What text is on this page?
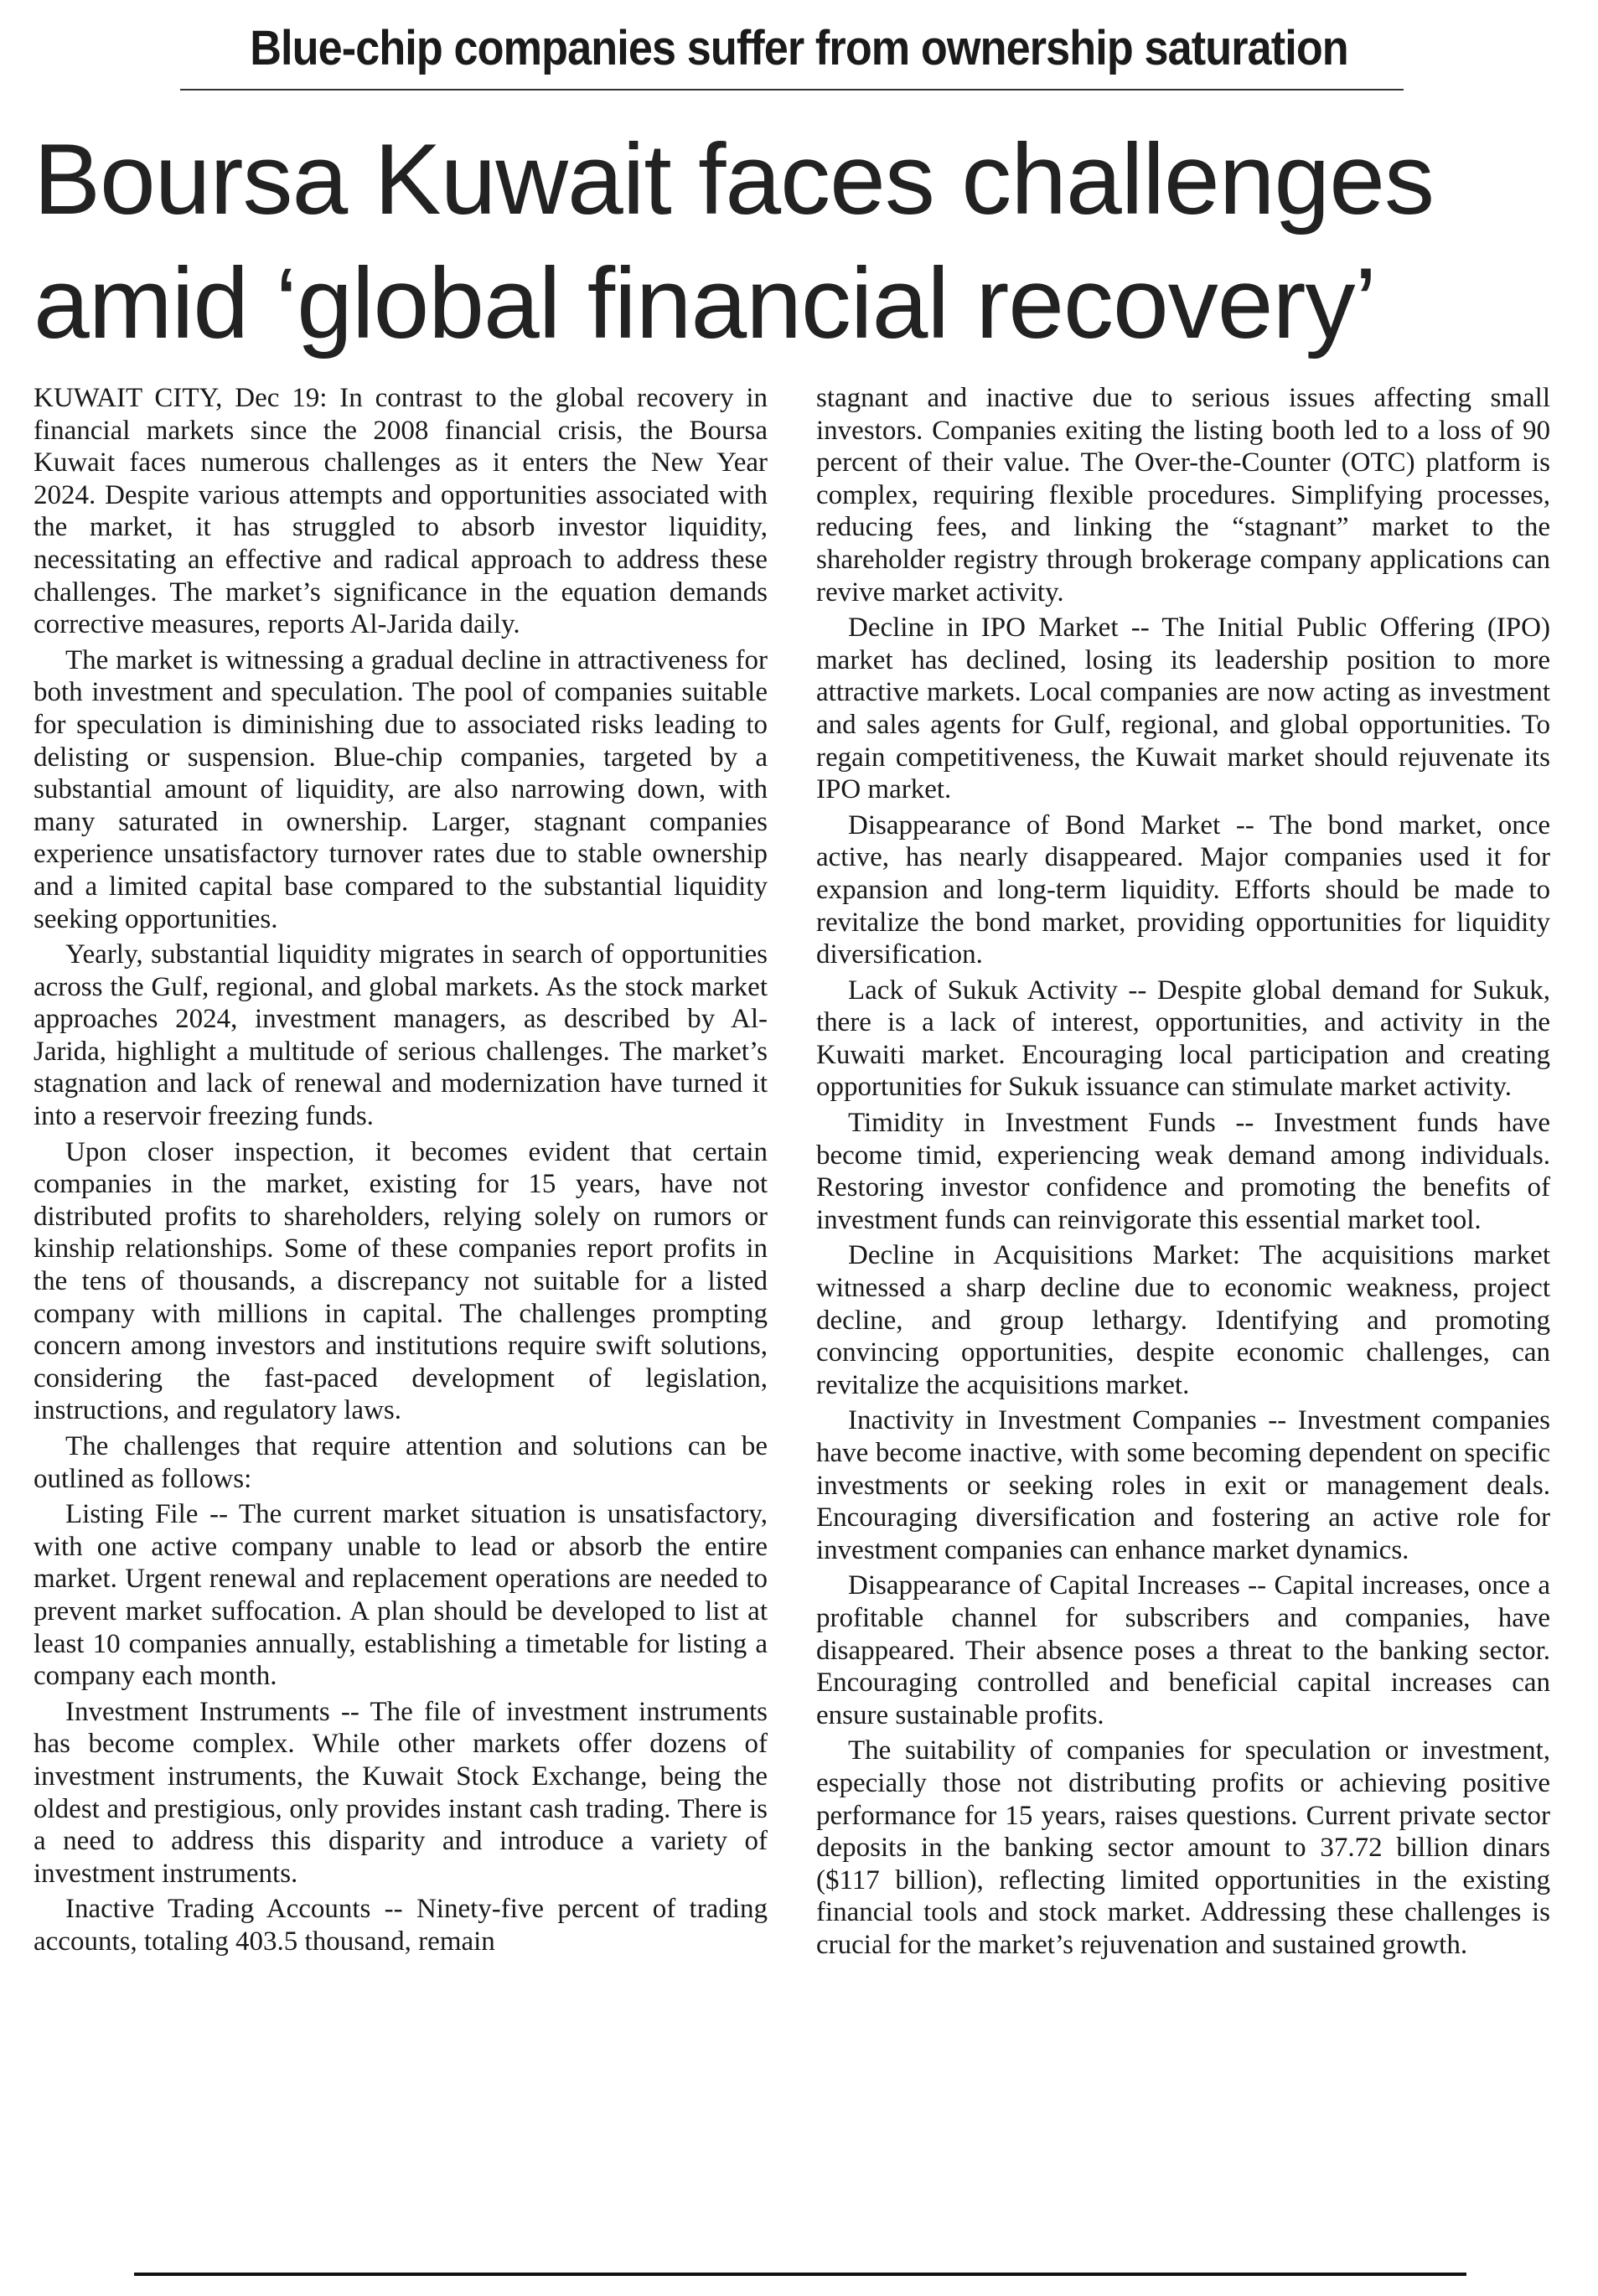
Blue-chip companies suffer from ownership saturation
Boursa Kuwait faces challenges
amid ‘global financial recovery’

KUWAIT CITY, Dec 19: In contrast to the global recovery in financial markets since the 2008 financial crisis, the Boursa Kuwait faces numerous challenges as it enters the New Year 2024. Despite various attempts and opportunities associated with the market, it has struggled to absorb investor liquidity, necessitating an effective and radical approach to address these challenges. The market’s significance in the equation demands corrective measures, reports Al-Jarida daily.

The market is witnessing a gradual decline in attractiveness for both investment and speculation. The pool of companies suitable for speculation is diminishing due to associated risks leading to delisting or suspension. Blue-chip companies, targeted by a substantial amount of liquidity, are also narrowing down, with many saturated in ownership. Larger, stagnant companies experience unsatisfactory turnover rates due to stable ownership and a limited capital base compared to the substantial liquidity seeking opportunities.

Yearly, substantial liquidity migrates in search of opportunities across the Gulf, regional, and global markets. As the stock market approaches 2024, investment managers, as described by Al-Jarida, highlight a multitude of serious challenges. The market’s stagnation and lack of renewal and modernization have turned it into a reservoir freezing funds.

Upon closer inspection, it becomes evident that certain companies in the market, existing for 15 years, have not distributed profits to shareholders, relying solely on rumors or kinship relationships. Some of these companies report profits in the tens of thousands, a discrepancy not suitable for a listed company with millions in capital. The challenges prompting concern among investors and institutions require swift solutions, considering the fast-paced development of legislation, instructions, and regulatory laws.

The challenges that require attention and solutions can be outlined as follows:

Listing File -- The current market situation is unsatisfactory, with one active company unable to lead or absorb the entire market. Urgent renewal and replacement operations are needed to prevent market suffocation. A plan should be developed to list at least 10 companies annually, establishing a timetable for listing a company each month.

Investment Instruments -- The file of investment instruments has become complex. While other markets offer dozens of investment instruments, the Kuwait Stock Exchange, being the oldest and prestigious, only provides instant cash trading. There is a need to address this disparity and introduce a variety of investment instruments.

Inactive Trading Accounts -- Ninety-five percent of trading accounts, totaling 403.5 thousand, remain

stagnant and inactive due to serious issues affecting small investors. Companies exiting the listing booth led to a loss of 90 percent of their value. The Over-the-Counter (OTC) platform is complex, requiring flexible procedures. Simplifying processes, reducing fees, and linking the “stagnant” market to the shareholder registry through brokerage company applications can revive market activity.

Decline in IPO Market -- The Initial Public Offering (IPO) market has declined, losing its leadership position to more attractive markets. Local companies are now acting as investment and sales agents for Gulf, regional, and global opportunities. To regain competitiveness, the Kuwait market should rejuvenate its IPO market.

Disappearance of Bond Market -- The bond market, once active, has nearly disappeared. Major companies used it for expansion and long-term liquidity. Efforts should be made to revitalize the bond market, providing opportunities for liquidity diversification.

Lack of Sukuk Activity -- Despite global demand for Sukuk, there is a lack of interest, opportunities, and activity in the Kuwaiti market. Encouraging local participation and creating opportunities for Sukuk issuance can stimulate market activity.

Timidity in Investment Funds -- Investment funds have become timid, experiencing weak demand among individuals. Restoring investor confidence and promoting the benefits of investment funds can reinvigorate this essential market tool.

Decline in Acquisitions Market: The acquisitions market witnessed a sharp decline due to economic weakness, project decline, and group lethargy. Identifying and promoting convincing opportunities, despite economic challenges, can revitalize the acquisitions market.

Inactivity in Investment Companies -- Investment companies have become inactive, with some becoming dependent on specific investments or seeking roles in exit or management deals. Encouraging diversification and fostering an active role for investment companies can enhance market dynamics.

Disappearance of Capital Increases -- Capital increases, once a profitable channel for subscribers and companies, have disappeared. Their absence poses a threat to the banking sector. Encouraging controlled and beneficial capital increases can ensure sustainable profits.

The suitability of companies for speculation or investment, especially those not distributing profits or achieving positive performance for 15 years, raises questions. Current private sector deposits in the banking sector amount to 37.72 billion dinars ($117 billion), reflecting limited opportunities in the existing financial tools and stock market. Addressing these challenges is crucial for the market’s rejuvenation and sustained growth.
